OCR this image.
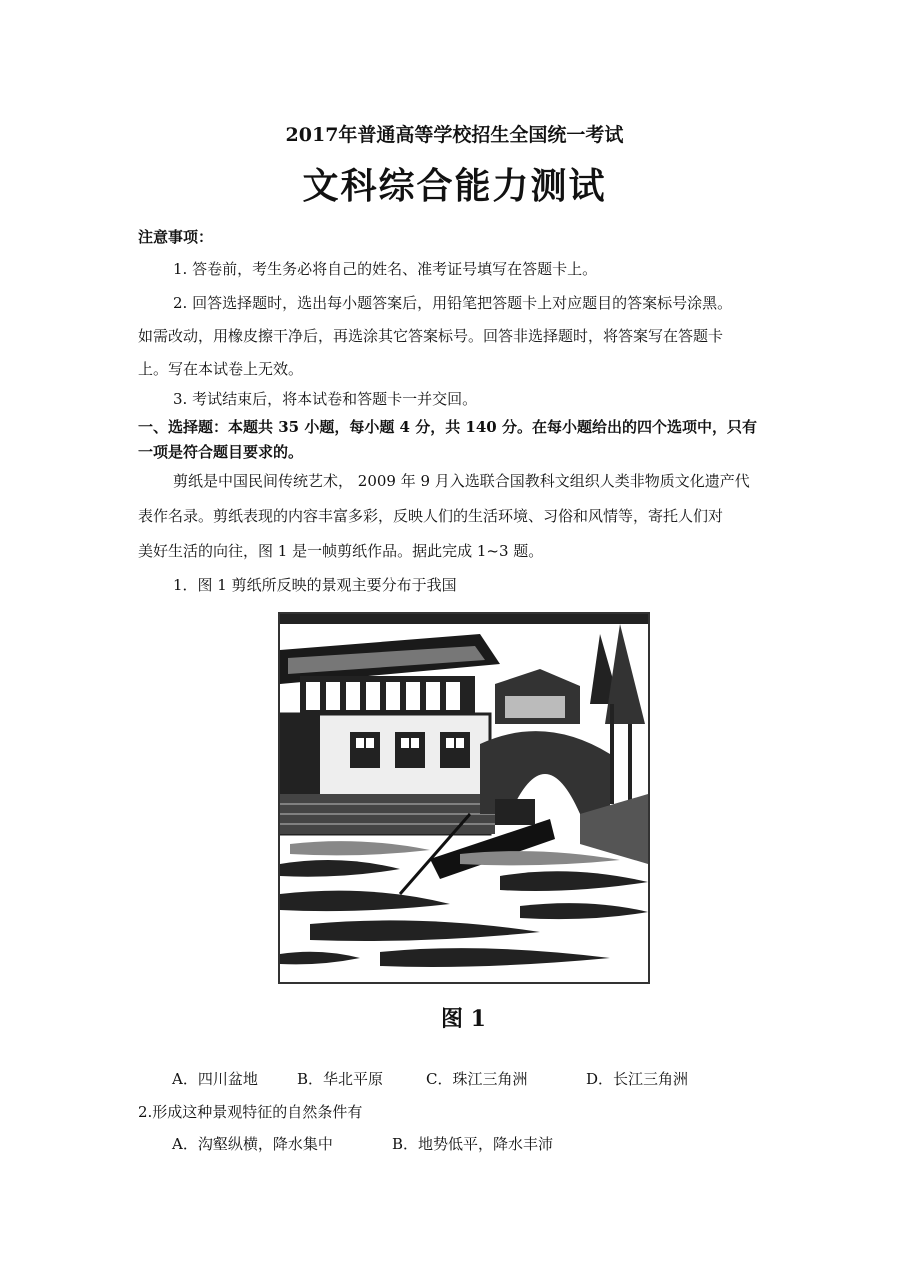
2017年普通高等学校招生全国统一考试
文科综合能力测试
注意事项：
1. 答卷前，考生务必将自己的姓名、准考证号填写在答题卡上。
2. 回答选择题时，选出每小题答案后，用铅笔把答题卡上对应题目的答案标号涂黑。
如需改动，用橡皮擦干净后，再选涂其它答案标号。回答非选择题时，将答案写在答题卡
上。写在本试卷上无效。
3. 考试结束后，将本试卷和答题卡一并交回。
一、选择题：本题共 35 小题，每小题 4 分，共 140 分。在每小题给出的四个选项中，只有
一项是符合题目要求的。
剪纸是中国民间传统艺术， 2009 年 9 月入选联合国教科文组织人类非物质文化遗产代
表作名录。剪纸表现的内容丰富多彩，反映人们的生活环境、习俗和风情等，寄托人们对
美好生活的向往，图 1 是一帧剪纸作品。据此完成 1~3 题。
1．图 1 剪纸所反映的景观主要分布于我国
图 1
A．四川盆地	B．华北平原	C．珠江三角洲	D．长江三角洲
2.形成这种景观特征的自然条件有
A．沟壑纵横，降水集中	B．地势低平，降水丰沛
